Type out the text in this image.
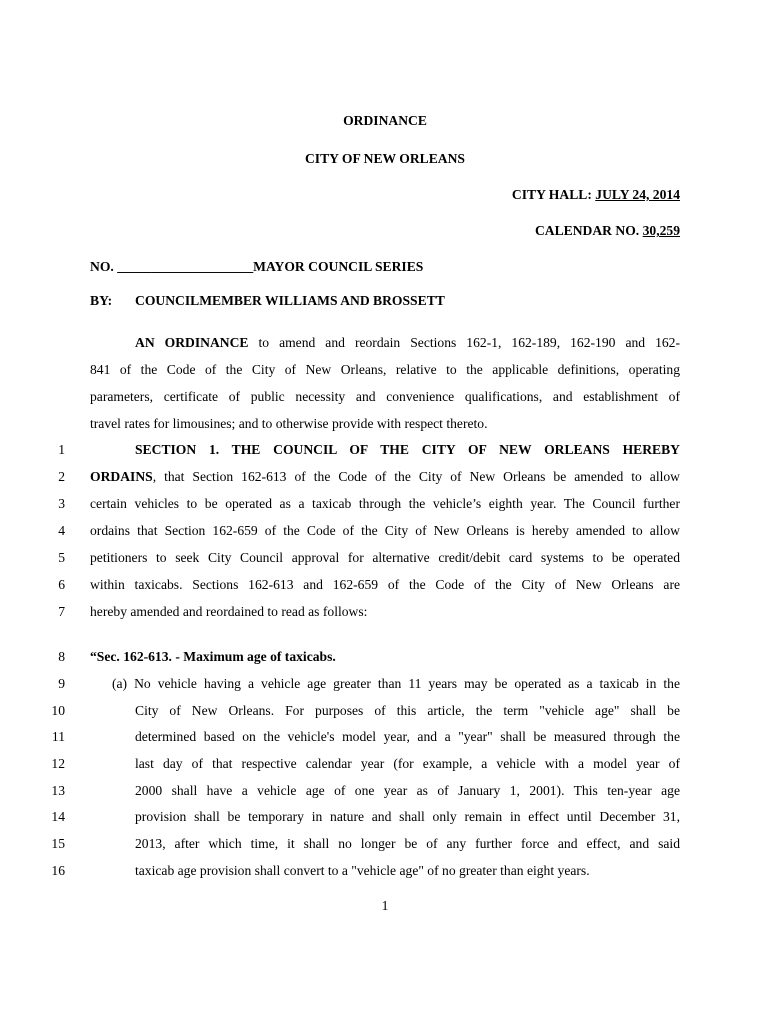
ORDINANCE
CITY OF NEW ORLEANS
CITY HALL: JULY 24, 2014
CALENDAR NO. 30,259
NO. ____________________MAYOR COUNCIL SERIES
BY: COUNCILMEMBER WILLIAMS AND BROSSETT
AN ORDINANCE to amend and reordain Sections 162-1, 162-189, 162-190 and 162-
841 of the Code of the City of New Orleans, relative to the applicable definitions, operating
parameters, certificate of public necessity and convenience qualifications, and establishment of
travel rates for limousines; and to otherwise provide with respect thereto.
1
2
3
4
5
6
7
8
9
10
11
12
13
14
15
16
SECTION 1. THE COUNCIL OF THE CITY OF NEW ORLEANS HEREBY
ORDAINS, that Section 162-613 of the Code of the City of New Orleans be amended to allow
certain vehicles to be operated as a taxicab through the vehicle’s eighth year. The Council further
ordains that Section 162-659 of the Code of the City of New Orleans is hereby amended to allow
petitioners to seek City Council approval for alternative credit/debit card systems to be operated
within taxicabs. Sections 162-613 and 162-659 of the Code of the City of New Orleans are
hereby amended and reordained to read as follows:
“Sec. 162-613. - Maximum age of taxicabs.
(a) No vehicle having a vehicle age greater than 11 years may be operated as a taxicab in the
City of New Orleans. For purposes of this article, the term "vehicle age" shall be
determined based on the vehicle's model year, and a "year" shall be measured through the
last day of that respective calendar year (for example, a vehicle with a model year of
2000 shall have a vehicle age of one year as of January 1, 2001). This ten-year age
provision shall be temporary in nature and shall only remain in effect until December 31,
2013, after which time, it shall no longer be of any further force and effect, and said
taxicab age provision shall convert to a "vehicle age" of no greater than eight years.
1
